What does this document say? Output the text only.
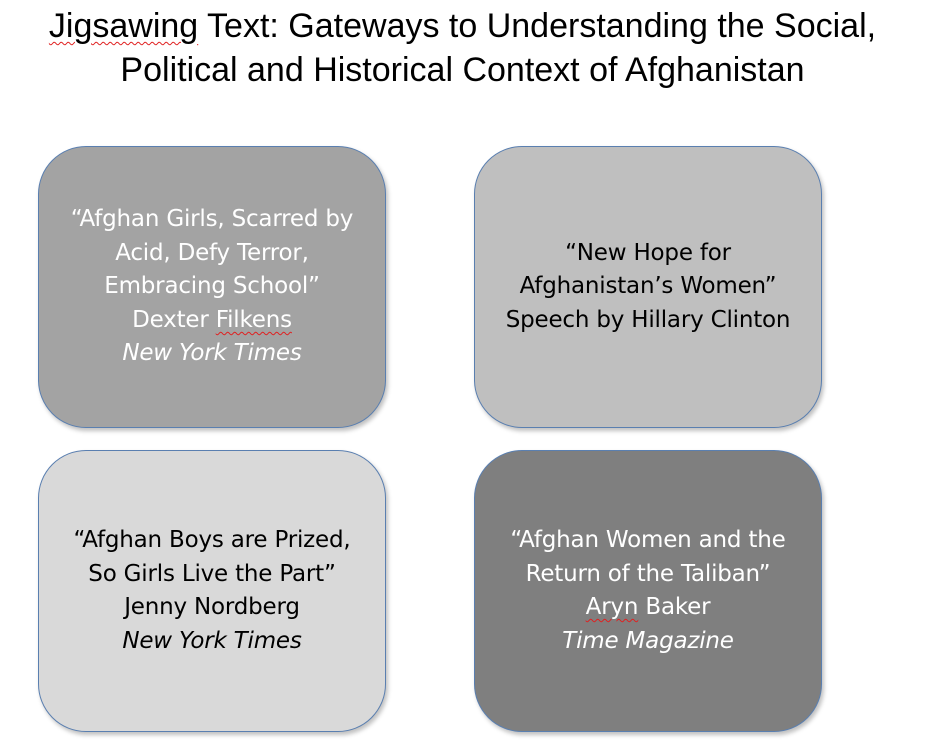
Jigsawing Text: Gateways to Understanding the Social,
Political and Historical Context of Afghanistan
“Afghan Girls, Scarred by
Acid, Defy Terror,
Embracing School”
Dexter Filkens
New York Times
“New Hope for
Afghanistan’s Women”
Speech by Hillary Clinton
“Afghan Boys are Prized,
So Girls Live the Part”
Jenny Nordberg
New York Times
“Afghan Women and the
Return of the Taliban”
Aryn Baker
Time Magazine
